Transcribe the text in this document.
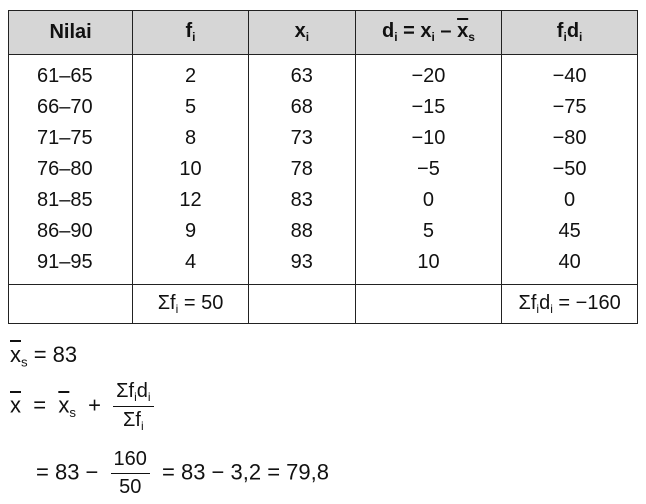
Nilai	$f_i$	$x_i$	$d_i = x_i - \overline{x}_s$	$f_id_i$
61–65	2	63	−20	−40
66–70	5	68	−15	−75
71–75	8	73	−10	−80
76–80	10	78	−5	−50
81–85	12	83	0	0
86–90	9	88	5	45
91–95	4	93	10	40
	$\Sigma f_i = 50$			$\Sigma f_id_i = -160$
$\overline{x}_s = 83$
$\overline{x} = \overline{x}_s + \frac{\Sigma f_id_i}{\Sigma f_i}$
= $83 - \frac{160}{50} = 83 - 3,2 = 79,8$
